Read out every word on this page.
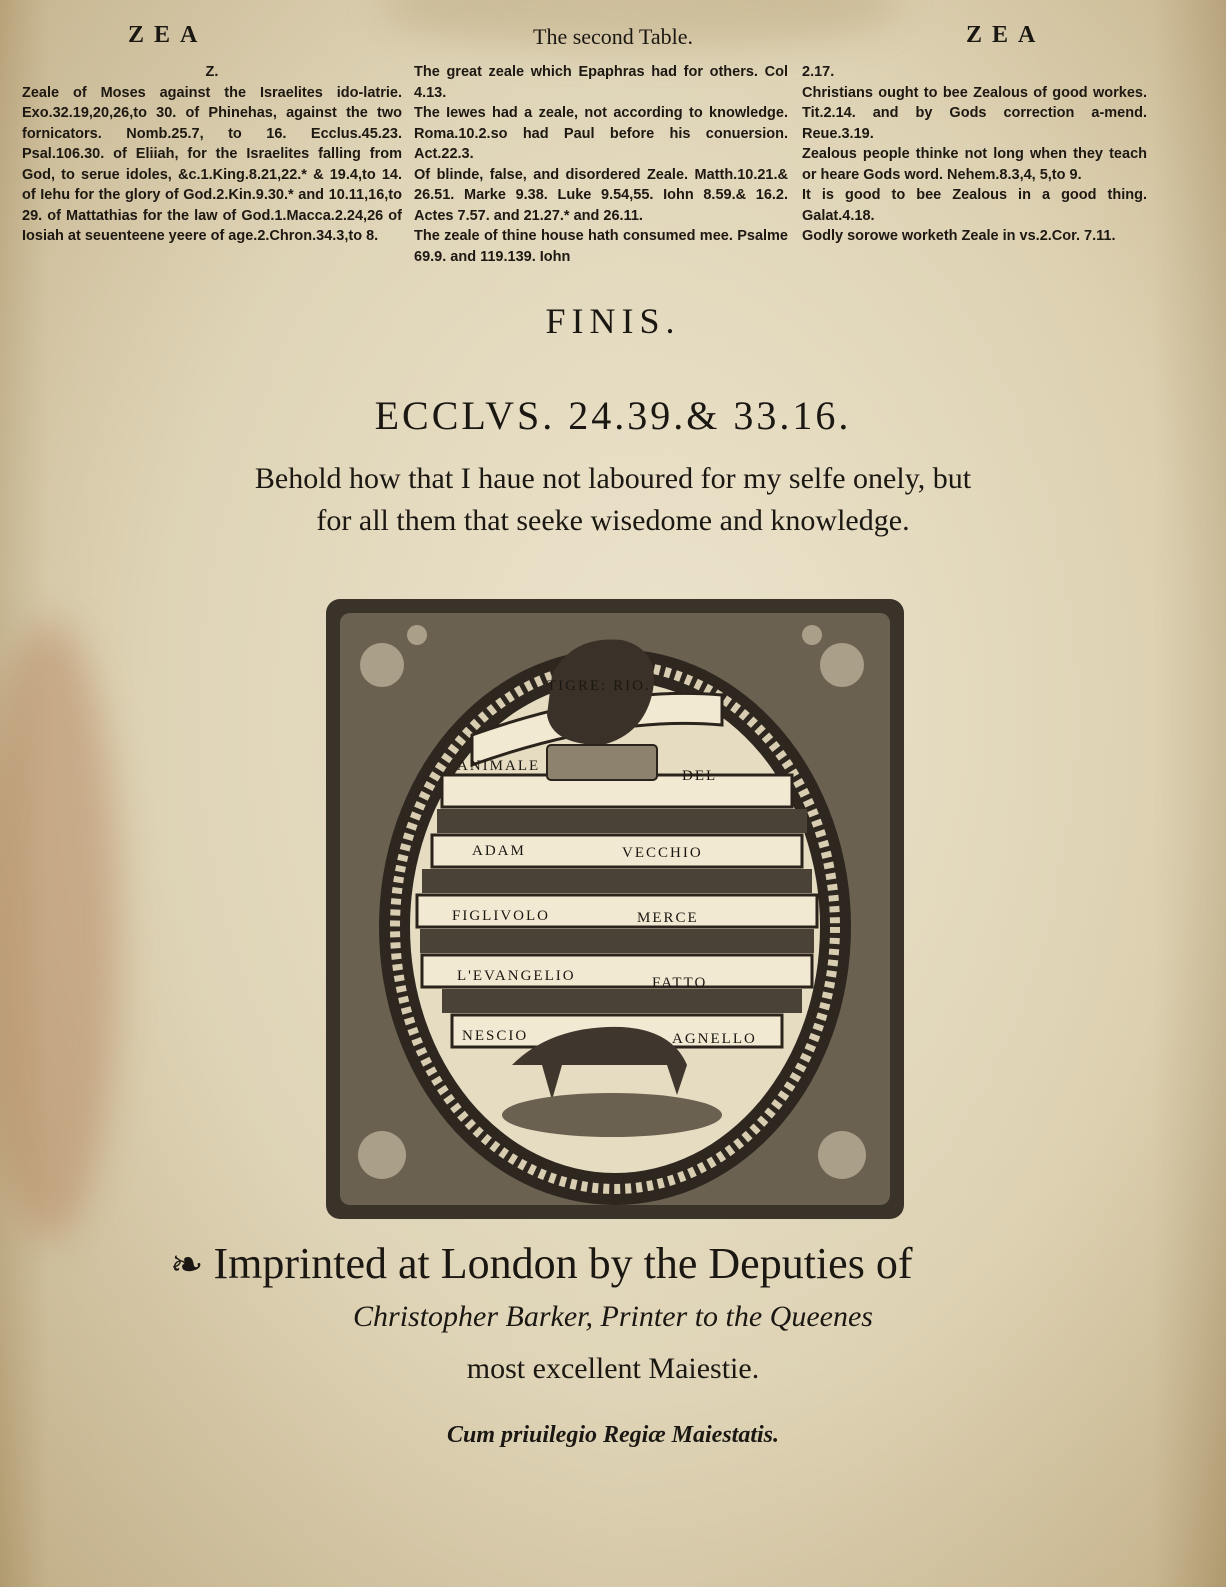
ZEA	The second Table.	ZEA

Z.

Zeale of Moses against the Israelites ido-latrie. Exo.32.19,20,26,to 30. of Phinehas, against the two fornicators. Nomb.25.7, to 16. Ecclus.45.23. Psal.106.30. of Eliiah, for the Israelites falling from God, to serue idoles, &c.1.King.8.21,22.* & 19.4,to 14. of Iehu for the glory of God.2.Kin.9.30.* and 10.11,16,to 29. of Mattathias for the law of God.1.Macca.2.24,26 of Iosiah at seuenteene yeere of age.2.Chron.34.3,to 8.

The great zeale which Epaphras had for others. Col 4.13.

The Iewes had a zeale, not according to knowledge. Roma.10.2.so had Paul before his conuersion. Act.22.3.

Of blinde, false, and disordered Zeale. Matth.10.21.& 26.51. Marke 9.38. Luke 9.54,55. Iohn 8.59.& 16.2. Actes 7.57. and 21.27.* and 26.11.

The zeale of thine house hath consumed mee. Psalme 69.9. and 119.139. Iohn

2.17.

Christians ought to bee Zealous of good workes. Tit.2.14. and by Gods correction a-mend. Reue.3.19.

Zealous people thinke not long when they teach or heare Gods word. Nehem.8.3,4, 5,to 9.

It is good to bee Zealous in a good thing. Galat.4.18.

Godly sorowe worketh Zeale in vs.2.Cor. 7.11.

FINIS.
ECCLVS. 24.39.& 33.16.
Behold how that I haue not laboured for my selfe onely, but
for all them that seeke wisedome and knowledge.
TIGRE: RIO.
ANIMALE
DEL
ADAM	VECCHIO
FIGLIVOLO	MERCE
L'EVANGELIO	FATTO
NESCIO	AGNELLO
❧ Imprinted at London by the Deputies of
Christopher Barker, Printer to the Queenes
most excellent Maiestie.
Cum priuilegio Regiæ Maiestatis.
